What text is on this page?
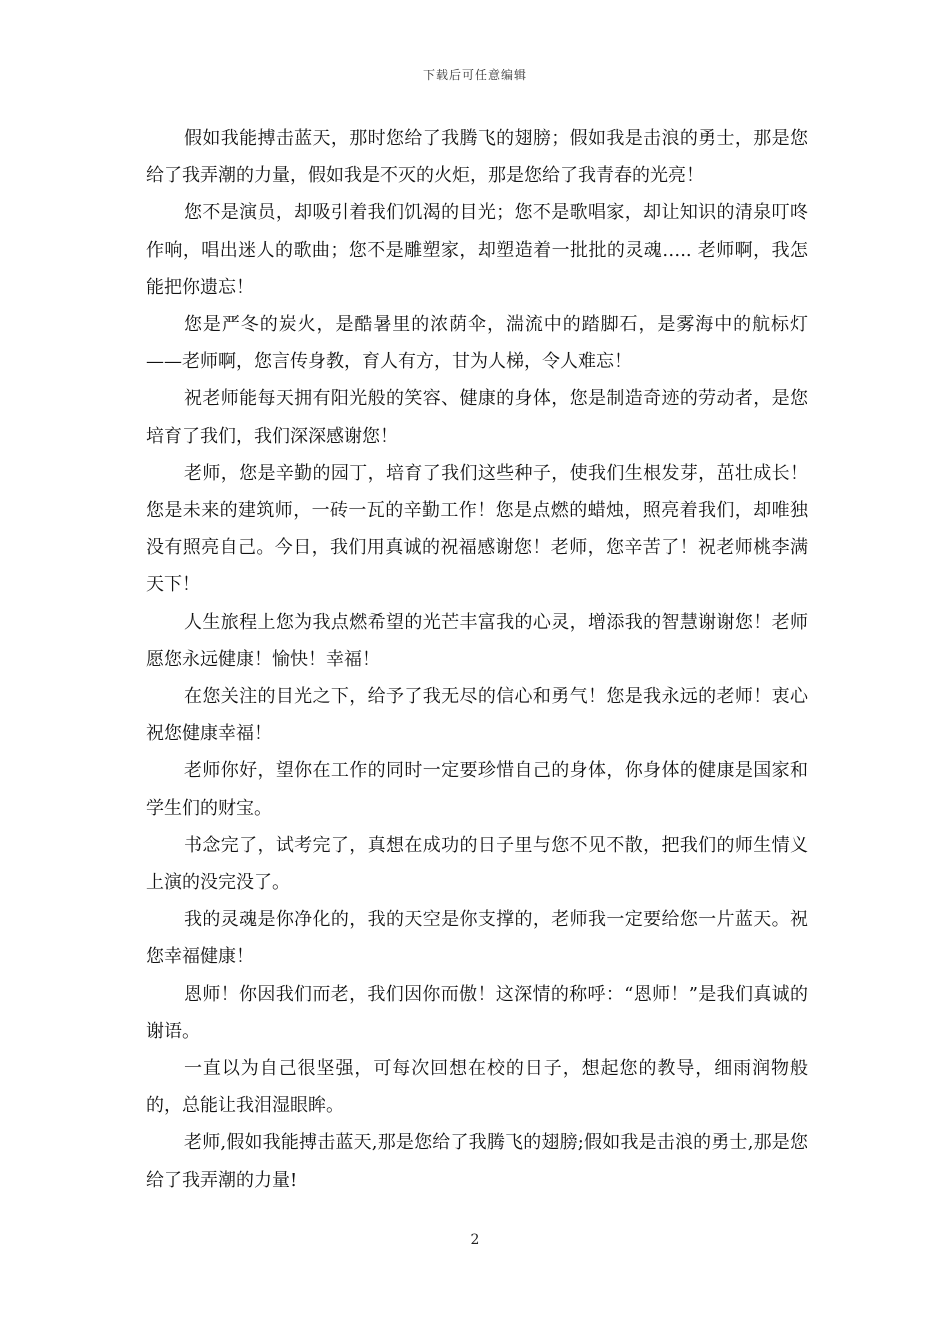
下载后可任意编辑

假如我能搏击蓝天，那时您给了我腾飞的翅膀；假如我是击浪的勇士，那是您给了我弄潮的力量，假如我是不灭的火炬，那是您给了我青春的光亮！

您不是演员，却吸引着我们饥渴的目光；您不是歌唱家，却让知识的清泉叮咚作响，唱出迷人的歌曲；您不是雕塑家，却塑造着一批批的灵魂….. 老师啊，我怎能把你遗忘！

您是严冬的炭火，是酷暑里的浓荫伞，湍流中的踏脚石，是雾海中的航标灯——老师啊，您言传身教，育人有方，甘为人梯，令人难忘！

祝老师能每天拥有阳光般的笑容、健康的身体，您是制造奇迹的劳动者，是您培育了我们，我们深深感谢您！

老师，您是辛勤的园丁，培育了我们这些种子，使我们生根发芽，茁壮成长！您是未来的建筑师，一砖一瓦的辛勤工作！您是点燃的蜡烛，照亮着我们，却唯独没有照亮自己。今日，我们用真诚的祝福感谢您！老师，您辛苦了！祝老师桃李满天下！

人生旅程上您为我点燃希望的光芒丰富我的心灵，增添我的智慧谢谢您！老师愿您永远健康！愉快！幸福！

在您关注的目光之下，给予了我无尽的信心和勇气！您是我永远的老师！衷心祝您健康幸福！

老师你好，望你在工作的同时一定要珍惜自己的身体，你身体的健康是国家和学生们的财宝。

书念完了，试考完了，真想在成功的日子里与您不见不散，把我们的师生情义上演的没完没了。

我的灵魂是你净化的，我的天空是你支撑的，老师我一定要给您一片蓝天。祝您幸福健康！

恩师！你因我们而老，我们因你而傲！这深情的称呼：“恩师！”是我们真诚的谢语。

一直以为自己很坚强，可每次回想在校的日子，想起您的教导，细雨润物般的，总能让我泪湿眼眸。

老师,假如我能搏击蓝天,那是您给了我腾飞的翅膀;假如我是击浪的勇士,那是您给了我弄潮的力量!

2
